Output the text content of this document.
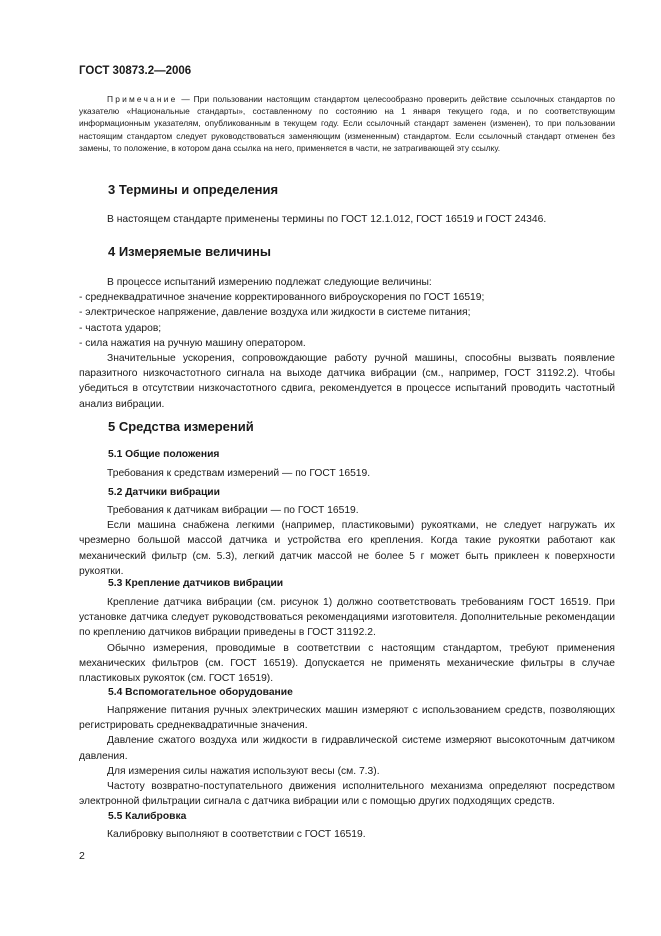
ГОСТ 30873.2—2006

Примечание — При пользовании настоящим стандартом целесообразно проверить действие ссылочных стандартов по указателю «Национальные стандарты», составленному по состоянию на 1 января текущего года, и по соответствующим информационным указателям, опубликованным в текущем году. Если ссылочный стандарт заменен (изменен), то при пользовании настоящим стандартом следует руководствоваться заменяющим (измененным) стандартом. Если ссылочный стандарт отменен без замены, то положение, в котором дана ссылка на него, применяется в части, не затрагивающей эту ссылку.

3 Термины и определения

В настоящем стандарте применены термины по ГОСТ 12.1.012, ГОСТ 16519 и ГОСТ 24346.

4 Измеряемые величины

В процессе испытаний измерению подлежат следующие величины:

- среднеквадратичное значение корректированного виброускорения по ГОСТ 16519;

- электрическое напряжение, давление воздуха или жидкости в системе питания;

- частота ударов;

- сила нажатия на ручную машину оператором.

Значительные ускорения, сопровождающие работу ручной машины, способны вызвать появление паразитного низкочастотного сигнала на выходе датчика вибрации (см., например, ГОСТ 31192.2). Чтобы убедиться в отсутствии низкочастотного сдвига, рекомендуется в процессе испытаний проводить частотный анализ вибрации.

5 Средства измерений
5.1 Общие положения

Требования к средствам измерений — по ГОСТ 16519.

5.2 Датчики вибрации

Требования к датчикам вибрации — по ГОСТ 16519.

Если машина снабжена легкими (например, пластиковыми) рукоятками, не следует нагружать их чрезмерно большой массой датчика и устройства его крепления. Когда такие рукоятки работают как механический фильтр (см. 5.3), легкий датчик массой не более 5 г может быть приклеен к поверхности рукоятки.

5.3 Крепление датчиков вибрации

Крепление датчика вибрации (см. рисунок 1) должно соответствовать требованиям ГОСТ 16519. При установке датчика следует руководствоваться рекомендациями изготовителя. Дополнительные рекомендации по креплению датчиков вибрации приведены в ГОСТ 31192.2.

Обычно измерения, проводимые в соответствии с настоящим стандартом, требуют применения механических фильтров (см. ГОСТ 16519). Допускается не применять механические фильтры в случае пластиковых рукояток (см. ГОСТ 16519).

5.4 Вспомогательное оборудование

Напряжение питания ручных электрических машин измеряют с использованием средств, позволяющих регистрировать среднеквадратичные значения.

Давление сжатого воздуха или жидкости в гидравлической системе измеряют высокоточным датчиком давления.

Для измерения силы нажатия используют весы (см. 7.3).

Частоту возвратно-поступательного движения исполнительного механизма определяют посредством электронной фильтрации сигнала с датчика вибрации или с помощью других подходящих средств.

5.5 Калибровка

Калибровку выполняют в соответствии с ГОСТ 16519.

2
